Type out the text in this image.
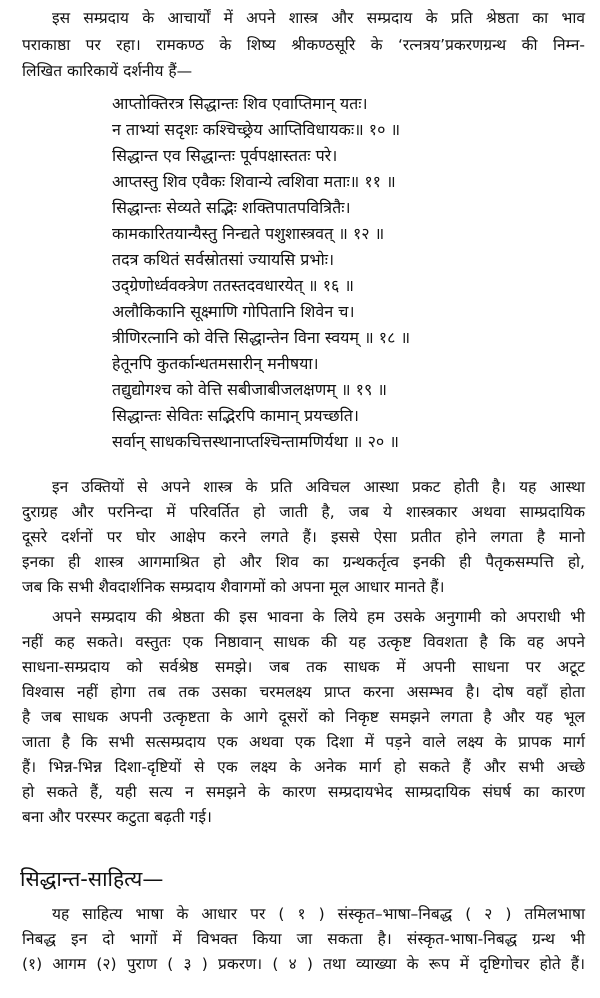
इस सम्प्रदाय के आचार्यों में अपने शास्त्र और सम्प्रदाय के प्रति श्रेष्ठता का भाव
पराकाष्ठा पर रहा। रामकण्ठ के शिष्य श्रीकण्ठसूरि के ‘रत्नत्रय’प्रकरणग्रन्थ की निम्न-
लिखित कारिकायें दर्शनीय हैं—
आप्तोक्तिरत्र सिद्धान्तः शिव एवाप्तिमान् यतः।
न ताभ्यां सदृशः कश्चिच्छ्रेय आप्तिविधायकः॥ १० ॥
सिद्धान्त एव सिद्धान्तः पूर्वपक्षास्ततः परे।
आप्तस्तु शिव एवैकः शिवान्ये त्वशिवा मताः॥ ११ ॥
सिद्धान्तः सेव्यते सद्भिः शक्तिपातपवित्रितैः।
कामकारितयान्यैस्तु निन्द्यते पशुशास्त्रवत् ॥ १२ ॥
तदत्र कथितं सर्वस्रोतसां ज्यायसि प्रभोः।
उद्ग्रेणोर्ध्ववक्त्रेण ततस्तदवधारयेत् ॥ १६ ॥
अलौकिकानि सूक्ष्माणि गोपितानि शिवेन च।
त्रीणिरत्नानि को वेत्ति सिद्धान्तेन विना स्वयम् ॥ १८ ॥
हेतूनपि कुतर्कान्धतमसारीन् मनीषया।
तद्युद्योगश्च को वेत्ति सबीजाबीजलक्षणम् ॥ १९ ॥
सिद्धान्तः सेवितः सद्भिरपि कामान् प्रयच्छति।
सर्वान् साधकचित्तस्थानाप्तश्चिन्तामणिर्यथा ॥ २० ॥
इन उक्तियों से अपने शास्त्र के प्रति अविचल आस्था प्रकट होती है। यह आस्था
दुराग्रह और परनिन्दा में परिवर्तित हो जाती है, जब ये शास्त्रकार अथवा साम्प्रदायिक
दूसरे दर्शनों पर घोर आक्षेप करने लगते हैं। इससे ऐसा प्रतीत होने लगता है मानो
इनका ही शास्त्र आगमाश्रित हो और शिव का ग्रन्थकर्तृत्व इनकी ही पैतृकसम्पत्ति हो,
जब कि सभी शैवदार्शनिक सम्प्रदाय शैवागमों को अपना मूल आधार मानते हैं।
अपने सम्प्रदाय की श्रेष्ठता की इस भावना के लिये हम उसके अनुगामी को अपराधी भी
नहीं कह सकते। वस्तुतः एक निष्ठावान् साधक की यह उत्कृष्ट विवशता है कि वह अपने
साधना-सम्प्रदाय को सर्वश्रेष्ठ समझे। जब तक साधक में अपनी साधना पर अटूट
विश्वास नहीं होगा तब तक उसका चरमलक्ष्य प्राप्त करना असम्भव है। दोष वहाँ होता
है जब साधक अपनी उत्कृष्टता के आगे दूसरों को निकृष्ट समझने लगता है और यह भूल
जाता है कि सभी सत्सम्प्रदाय एक अथवा एक दिशा में पड़ने वाले लक्ष्य के प्रापक मार्ग
हैं। भिन्न-भिन्न दिशा-दृष्टियों से एक लक्ष्य के अनेक मार्ग हो सकते हैं और सभी अच्छे
हो सकते हैं, यही सत्य न समझने के कारण सम्प्रदायभेद साम्प्रदायिक संघर्ष का कारण
बना और परस्पर कटुता बढ़ती गई।
सिद्धान्त-साहित्य—
यह साहित्य भाषा के आधार पर ( १ ) संस्कृत–भाषा–निबद्ध ( २ ) तमिलभाषा
निबद्ध इन दो भागों में विभक्त किया जा सकता है। संस्कृत-भाषा-निबद्ध ग्रन्थ भी
(१) आगम (२) पुराण ( ३ ) प्रकरण। ( ४ ) तथा व्याख्या के रूप में दृष्टिगोचर होते हैं।
